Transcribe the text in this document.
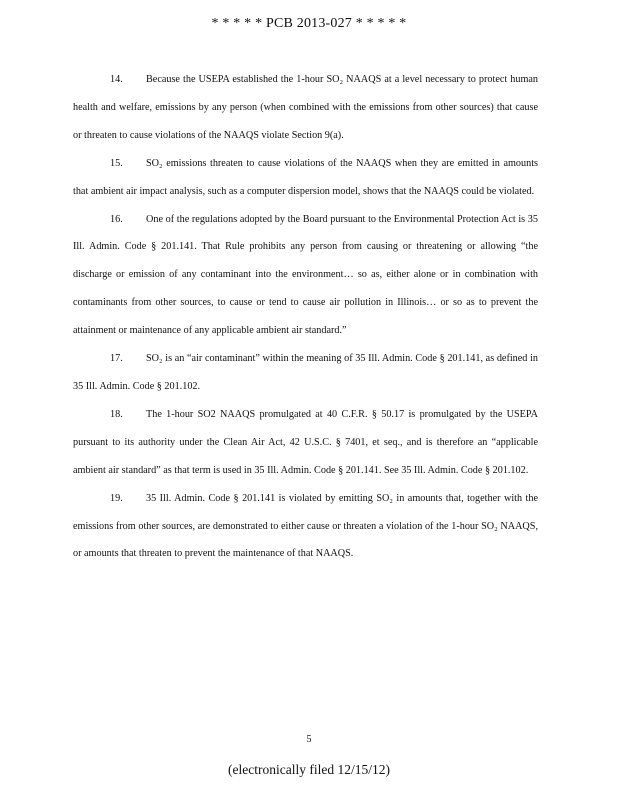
* * * * * PCB 2013-027 * * * * *

14. Because the USEPA established the 1-hour SO₂ NAAQS at a level necessary to protect human health and welfare, emissions by any person (when combined with the emissions from other sources) that cause or threaten to cause violations of the NAAQS violate Section 9(a).

15. SO₂ emissions threaten to cause violations of the NAAQS when they are emitted in amounts that ambient air impact analysis, such as a computer dispersion model, shows that the NAAQS could be violated.

16. One of the regulations adopted by the Board pursuant to the Environmental Protection Act is 35 Ill. Admin. Code § 201.141. That Rule prohibits any person from causing or threatening or allowing “the discharge or emission of any contaminant into the environment… so as, either alone or in combination with contaminants from other sources, to cause or tend to cause air pollution in Illinois… or so as to prevent the attainment or maintenance of any applicable ambient air standard.”

17. SO₂ is an “air contaminant” within the meaning of 35 Ill. Admin. Code § 201.141, as defined in 35 Ill. Admin. Code § 201.102.

18. The 1-hour SO2 NAAQS promulgated at 40 C.F.R. § 50.17 is promulgated by the USEPA pursuant to its authority under the Clean Air Act, 42 U.S.C. § 7401, et seq., and is therefore an “applicable ambient air standard” as that term is used in 35 Ill. Admin. Code § 201.141. See 35 Ill. Admin. Code § 201.102.

19. 35 Ill. Admin. Code § 201.141 is violated by emitting SO₂ in amounts that, together with the emissions from other sources, are demonstrated to either cause or threaten a violation of the 1-hour SO₂ NAAQS, or amounts that threaten to prevent the maintenance of that NAAQS.

5
(electronically filed 12/15/12)
